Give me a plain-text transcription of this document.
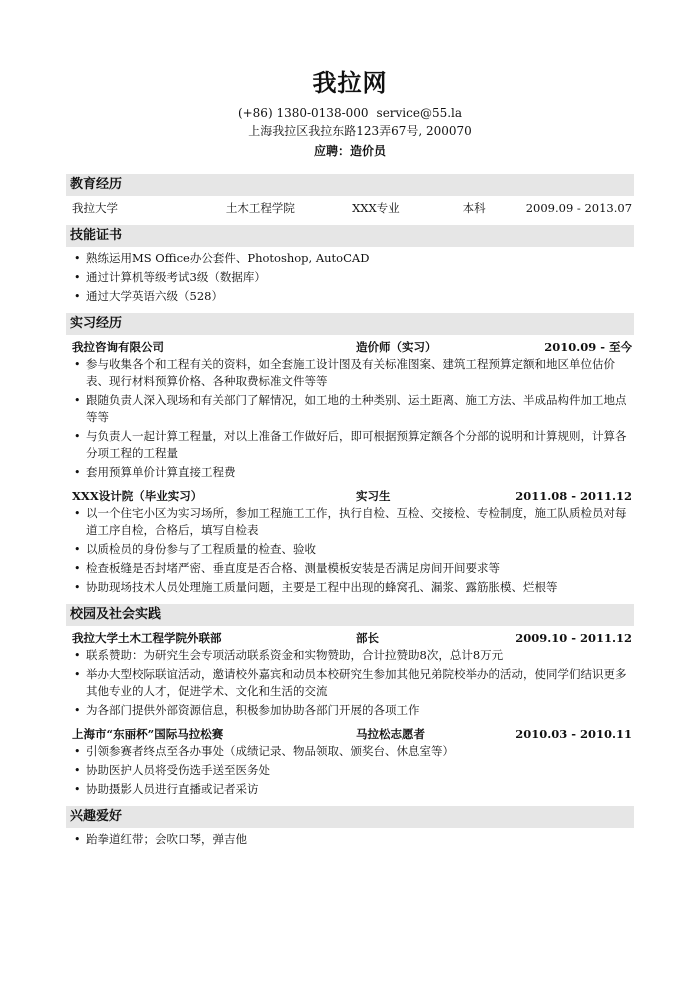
我拉网
(+86) 1380-0138-000 service@55.la
上海我拉区我拉东路123弄67号, 200070
应聘：造价员
教育经历
我拉大学	土木工程学院	XXX专业	本科	2009.09 - 2013.07
技能证书
• 熟练运用MS Office办公套件、Photoshop, AutoCAD
• 通过计算机等级考试3级（数据库）
• 通过大学英语六级（528）
实习经历
我拉咨询有限公司	造价师（实习）	2010.09 - 至今
• 参与收集各个和工程有关的资料，如全套施工设计图及有关标准图案、建筑工程预算定额和地区单位估价表、现行材料预算价格、各种取费标准文件等等
• 跟随负责人深入现场和有关部门了解情况，如工地的土种类别、运土距离、施工方法、半成品构件加工地点等等
• 与负责人一起计算工程量，对以上准备工作做好后，即可根据预算定额各个分部的说明和计算规则，计算各分项工程的工程量
• 套用预算单价计算直接工程费
XXX设计院（毕业实习）	实习生	2011.08 - 2011.12
• 以一个住宅小区为实习场所，参加工程施工工作，执行自检、互检、交接检、专检制度，施工队质检员对每道工序自检，合格后，填写自检表
• 以质检员的身份参与了工程质量的检查、验收
• 检查板缝是否封堵严密、垂直度是否合格、测量模板安装是否满足房间开间要求等
• 协助现场技术人员处理施工质量问题，主要是工程中出现的蜂窝孔、漏浆、露筋胀模、烂根等
校园及社会实践
我拉大学土木工程学院外联部	部长	2009.10 - 2011.12
• 联系赞助：为研究生会专项活动联系资金和实物赞助，合计拉赞助8次，总计8万元
• 举办大型校际联谊活动，邀请校外嘉宾和动员本校研究生参加其他兄弟院校举办的活动，使同学们结识更多其他专业的人才，促进学术、文化和生活的交流
• 为各部门提供外部资源信息，积极参加协助各部门开展的各项工作
上海市“东丽杯”国际马拉松赛	马拉松志愿者	2010.03 - 2010.11
• 引领参赛者终点至各办事处（成绩记录、物品领取、颁奖台、休息室等）
• 协助医护人员将受伤选手送至医务处
• 协助摄影人员进行直播或记者采访
兴趣爱好
• 跆拳道红带；会吹口琴，弹吉他
